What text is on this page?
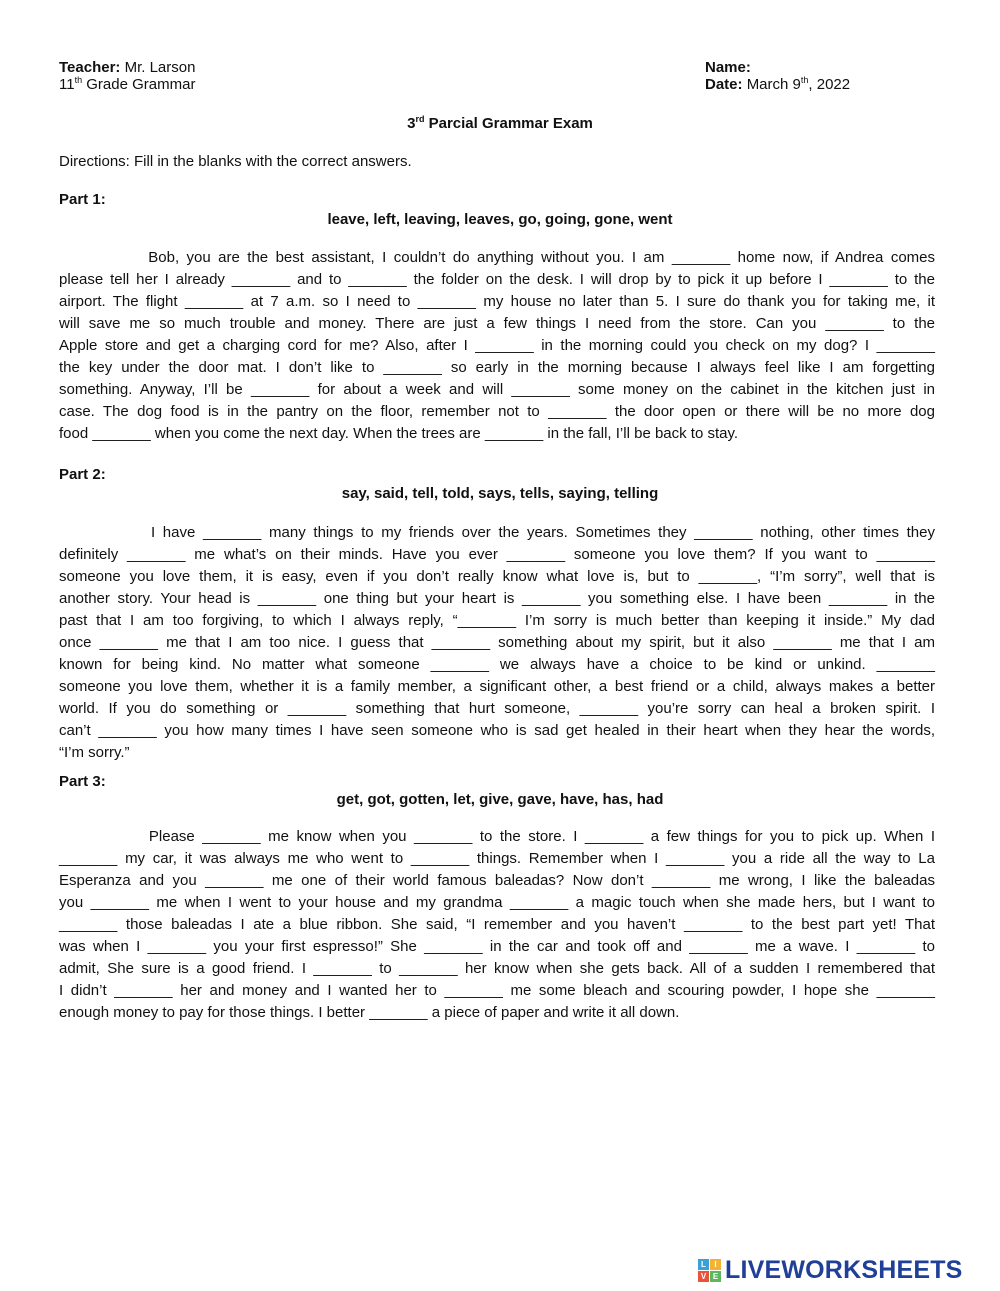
Teacher: Mr. Larson
11th Grade Grammar
Name:
Date: March 9th, 2022
3rd Parcial Grammar Exam
Directions: Fill in the blanks with the correct answers.
Part 1:
leave, left, leaving, leaves, go, going, gone, went
Bob, you are the best assistant, I couldn’t do anything without you. I am _______ home now, if Andrea comes
please tell her I already _______ and to _______ the folder on the desk. I will drop by to pick it up before I _______ to the
airport. The flight _______ at 7 a.m. so I need to _______ my house no later than 5. I sure do thank you for taking me, it
will save me so much trouble and money. There are just a few things I need from the store. Can you _______ to the
Apple store and get a charging cord for me? Also, after I _______ in the morning could you check on my dog? I _______
the key under the door mat. I don’t like to _______ so early in the morning because I always feel like I am forgetting
something. Anyway, I’ll be _______ for about a week and will _______ some money on the cabinet in the kitchen just in
case. The dog food is in the pantry on the floor, remember not to _______ the door open or there will be no more dog
food _______ when you come the next day. When the trees are _______ in the fall, I’ll be back to stay.
Part 2:
say, said, tell, told, says, tells, saying, telling
I have _______ many things to my friends over the years. Sometimes they _______ nothing, other times they
definitely _______ me what’s on their minds. Have you ever _______ someone you love them? If you want to _______
someone you love them, it is easy, even if you don’t really know what love is, but to _______, “I’m sorry”, well that is
another story. Your head is _______ one thing but your heart is _______ you something else. I have been _______ in the
past that I am too forgiving, to which I always reply, “_______ I’m sorry is much better than keeping it inside.” My dad
once _______ me that I am too nice. I guess that _______ something about my spirit, but it also _______ me that I am
known for being kind. No matter what someone _______ we always have a choice to be kind or unkind. _______
someone you love them, whether it is a family member, a significant other, a best friend or a child, always makes a better
world. If you do something or _______ something that hurt someone, _______ you’re sorry can heal a broken spirit. I
can’t _______ you how many times I have seen someone who is sad get healed in their heart when they hear the words,
“I’m sorry.”
Part 3:
get, got, gotten, let, give, gave, have, has, had
Please _______ me know when you _______ to the store. I _______ a few things for you to pick up. When I
_______ my car, it was always me who went to _______ things. Remember when I _______ you a ride all the way to La
Esperanza and you _______ me one of their world famous baleadas? Now don’t _______ me wrong, I like the baleadas
you _______ me when I went to your house and my grandma _______ a magic touch when she made hers, but I want to
_______ those baleadas I ate a blue ribbon. She said, “I remember and you haven’t _______ to the best part yet! That
was when I _______ you your first espresso!” She _______ in the car and took off and _______ me a wave. I _______ to
admit, She sure is a good friend. I _______ to _______ her know when she gets back. All of a sudden I remembered that
I didn’t _______ her and money and I wanted her to _______ me some bleach and scouring powder, I hope she _______
enough money to pay for those things. I better _______ a piece of paper and write it all down.
L	I
V E LIVEWORKSHEETS
